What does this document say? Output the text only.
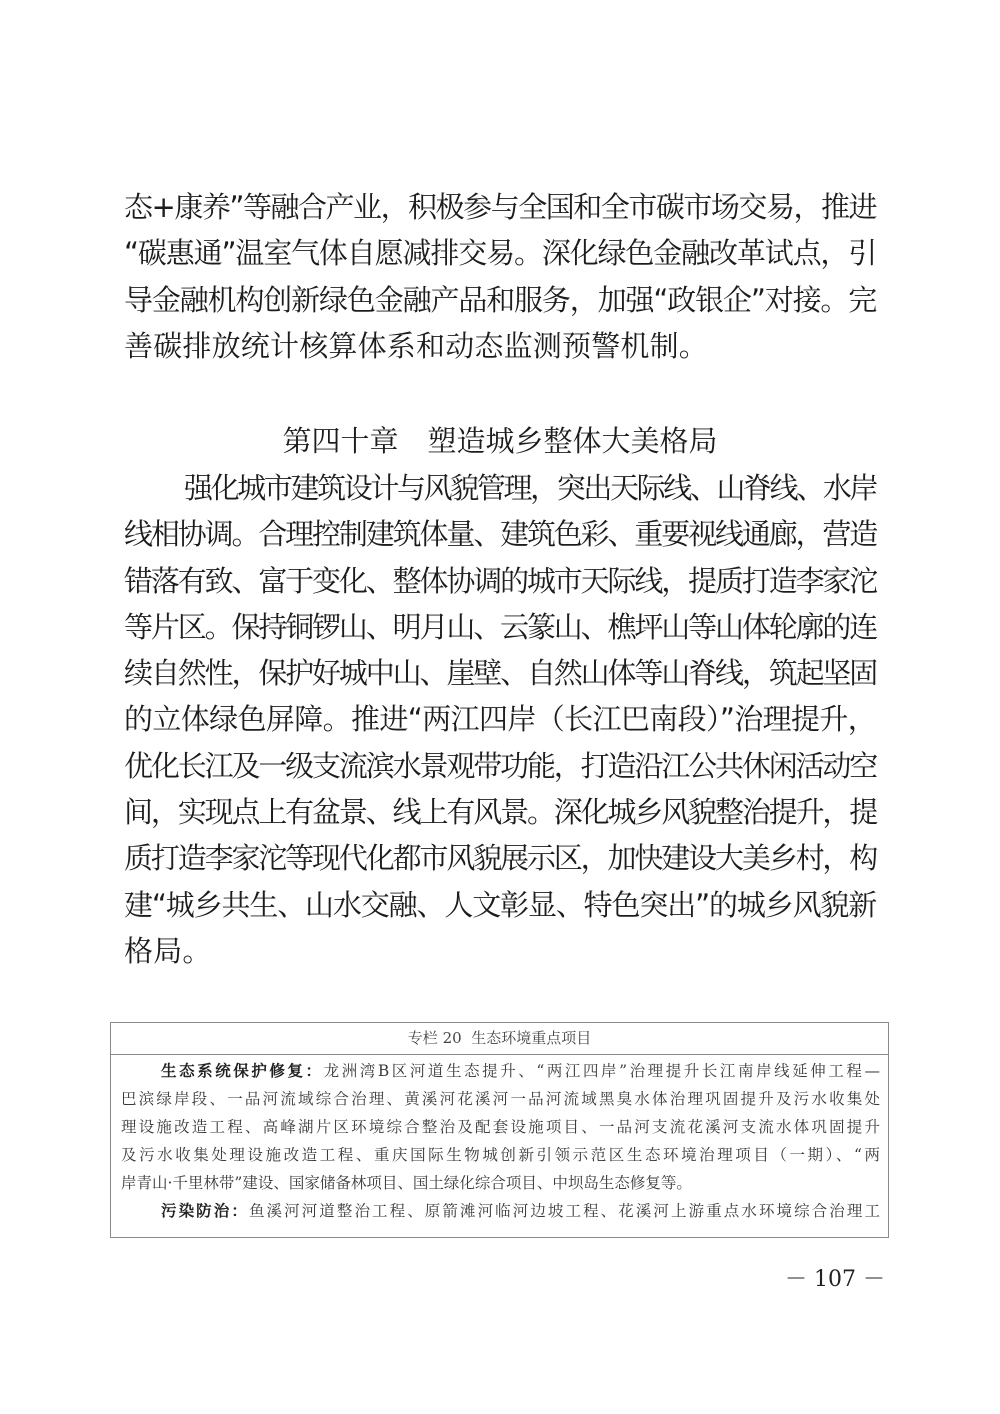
态+康养”等融合产业，积极参与全国和全市碳市场交易，推进
“碳惠通”温室气体自愿减排交易。深化绿色金融改革试点，引
导金融机构创新绿色金融产品和服务，加强“政银企”对接。完
善碳排放统计核算体系和动态监测预警机制。
第四十章　塑造城乡整体大美格局
强化城市建筑设计与风貌管理，突出天际线、山脊线、水岸
线相协调。合理控制建筑体量、建筑色彩、重要视线通廊，营造
错落有致、富于变化、整体协调的城市天际线，提质打造李家沱
等片区。保持铜锣山、明月山、云篆山、樵坪山等山体轮廓的连
续自然性，保护好城中山、崖壁、自然山体等山脊线，筑起坚固
的立体绿色屏障。推进“两江四岸（长江巴南段）”治理提升，
优化长江及一级支流滨水景观带功能，打造沿江公共休闲活动空
间，实现点上有盆景、线上有风景。深化城乡风貌整治提升，提
质打造李家沱等现代化都市风貌展示区，加快建设大美乡村，构
建“城乡共生、山水交融、人文彰显、特色突出”的城乡风貌新
格局。
专栏 20  生态环境重点项目
生态系统保护修复：龙洲湾B区河道生态提升、“两江四岸”治理提升长江南岸线延伸工程—
巴滨绿岸段、一品河流域综合治理、黄溪河花溪河一品河流域黑臭水体治理巩固提升及污水收集处
理设施改造工程、高峰湖片区环境综合整治及配套设施项目、一品河支流花溪河支流水体巩固提升
及污水收集处理设施改造工程、重庆国际生物城创新引领示范区生态环境治理项目（一期）、“两
岸青山·千里林带”建设、国家储备林项目、国土绿化综合项目、中坝岛生态修复等。
污染防治：鱼溪河河道整治工程、原箭滩河临河边坡工程、花溪河上游重点水环境综合治理工
－ 107 －
